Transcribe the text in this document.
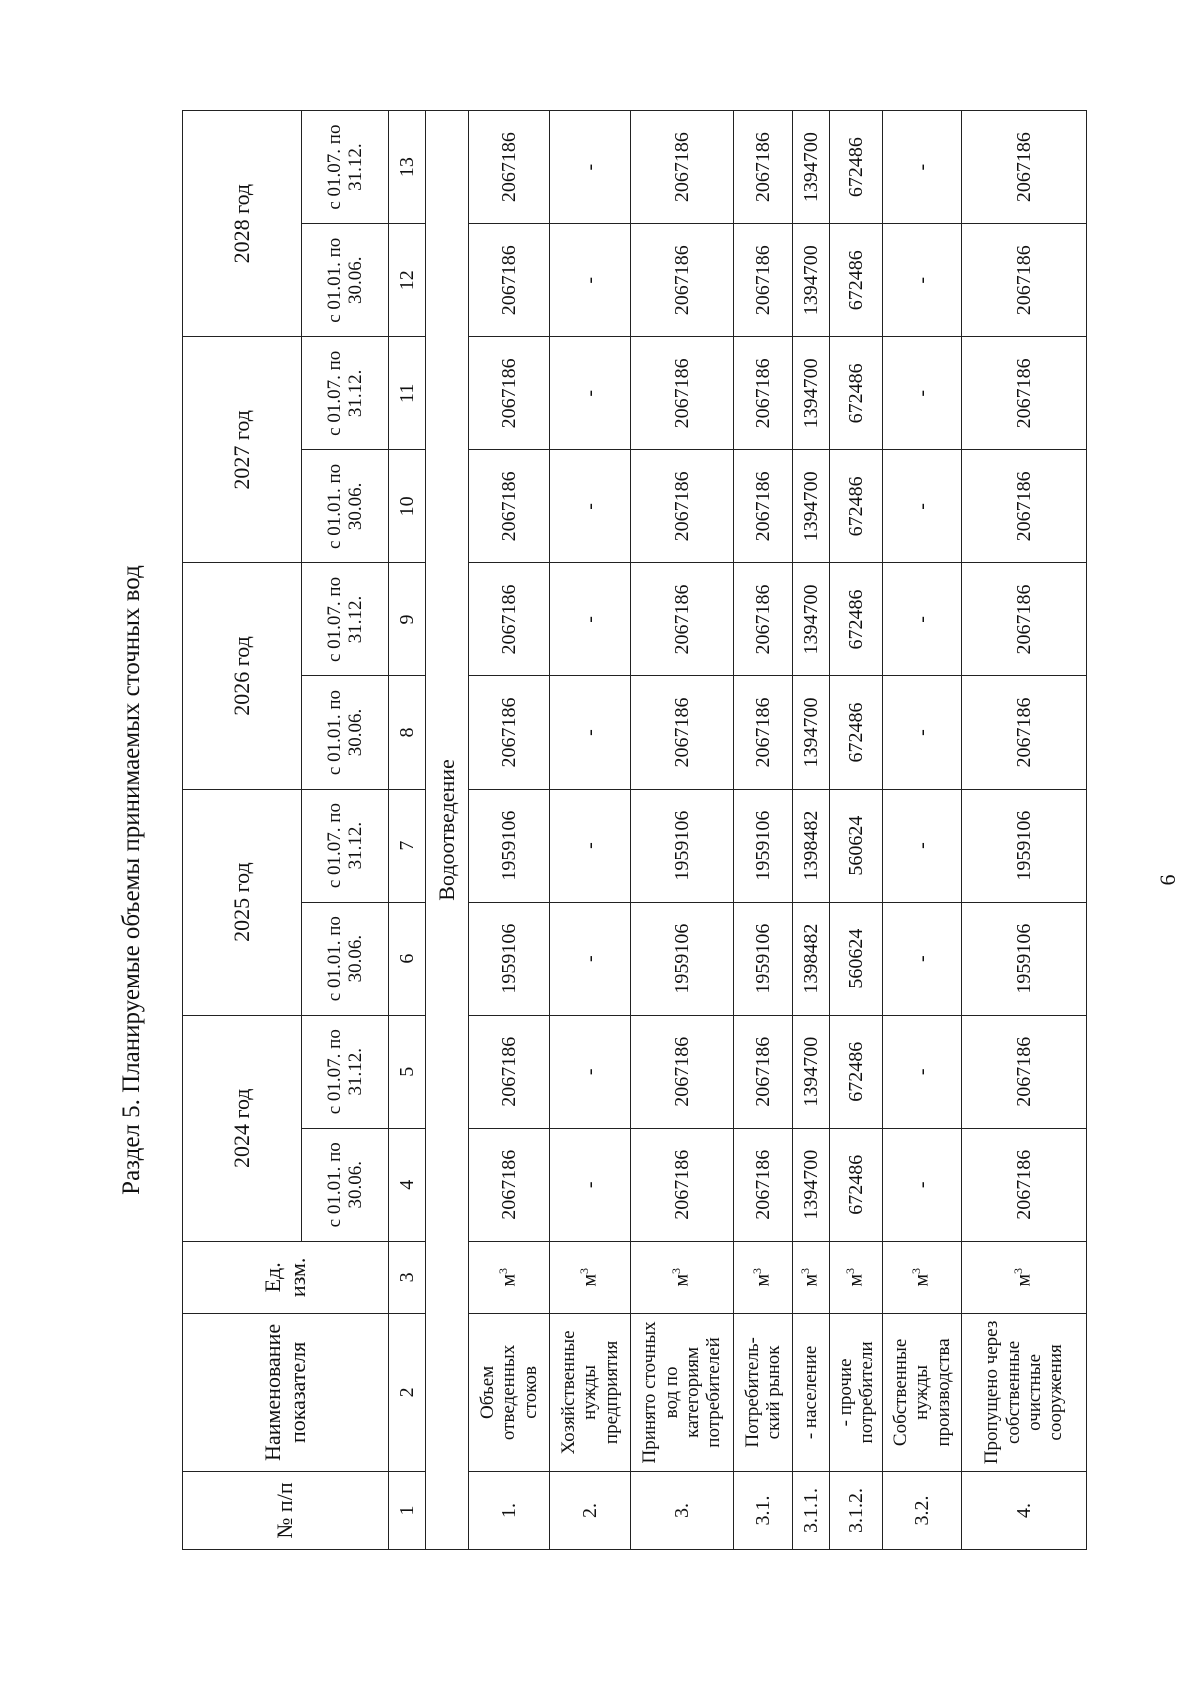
Раздел 5. Планируемые объемы принимаемых сточных вод	6
№ п/п	Наименование показателя	Ед. изм.	2024 год		2025 год		2026 год		2027 год		2028 год	
			с 01.01. по 30.06.	с 01.07. по 31.12.	с 01.01. по 30.06.	с 01.07. по 31.12.	с 01.01. по 30.06.	с 01.07. по 31.12.	с 01.01. по 30.06.	с 01.07. по 31.12.	с 01.01. по 30.06.	с 01.07. по 31.12.
1	2	3	4	5	6	7	8	9	10	11	12	13
Водоотведение												
1.	Объем отведенных стоков	$м^3$	2067186	2067186	1959106	1959106	2067186	2067186	2067186	2067186	2067186	2067186
2.	Хозяйственные нужды предприятия	$м^3$	-	-	-	-	-	-	-	-	-	-
3.	Принято сточных вод по категориям потребителей	$м^3$	2067186	2067186	1959106	1959106	2067186	2067186	2067186	2067186	2067186	2067186
3.1.	Потребитель-ский рынок	$м^3$	2067186	2067186	1959106	1959106	2067186	2067186	2067186	2067186	2067186	2067186
3.1.1.	- население	$м^3$	1394700	1394700	1398482	1398482	1394700	1394700	1394700	1394700	1394700	1394700
3.1.2.	- прочие потребители	$м^3$	672486	672486	560624	560624	672486	672486	672486	672486	672486	672486
3.2.	Собственные нужды производства	$м^3$	-	-	-	-	-	-	-	-	-	-
4.	Пропущено через собственные очистные сооружения	$м^3$	2067186	2067186	1959106	1959106	2067186	2067186	2067186	2067186	2067186	2067186
